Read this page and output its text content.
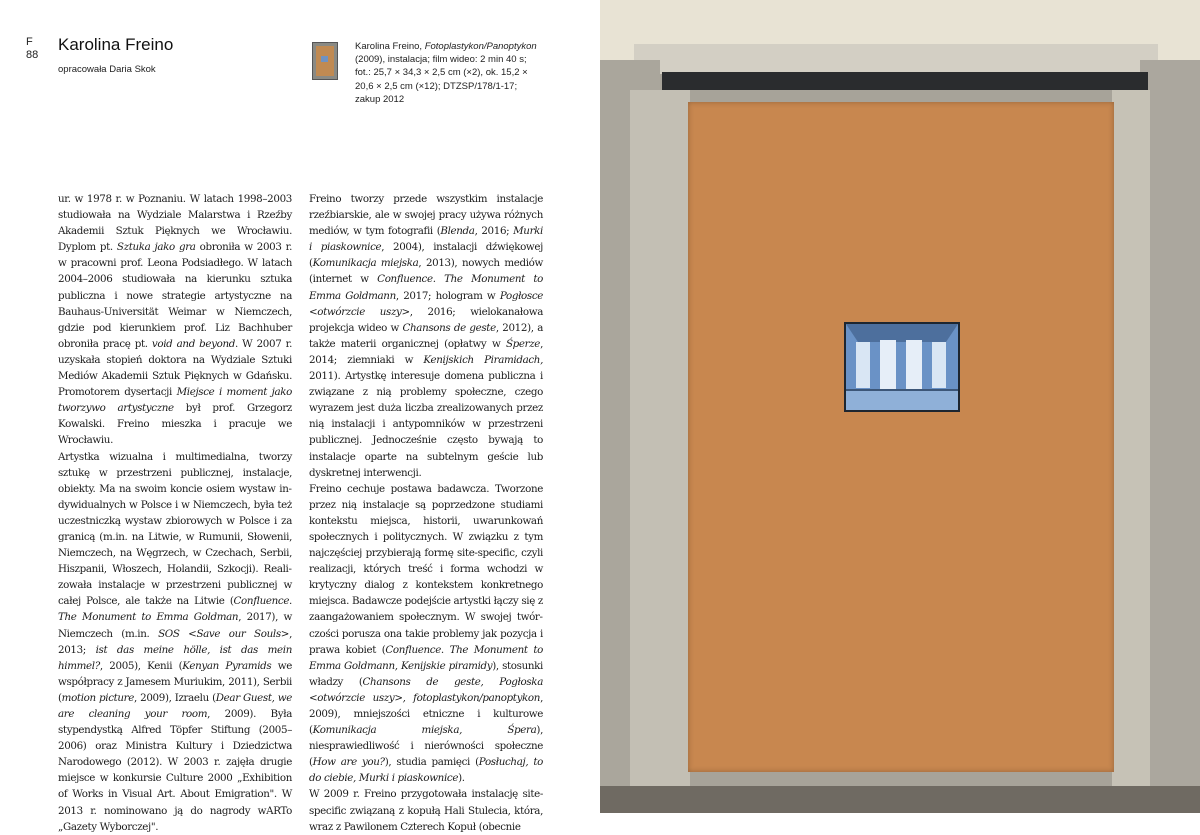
F
88
Karolina Freino
opracowała Daria Skok
Karolina Freino, Fotoplastykon/Panoptykon (2009), instalacja; film wideo: 2 min 40 s; fot.: 25,7 × 34,3 × 2,5 cm (×2), ok. 15,2 × 20,6 × 2,5 cm (×12); DTZSP/178/1-17; zakup 2012

ur. w 1978 r. w Poznaniu. W latach 1998–2003 studiowała na Wydziale Malarstwa i Rzeźby Akademii Sztuk Pięknych we Wrocławiu. Dyplom pt. Sztuka jako gra obroniła w 2003 r. w pracowni prof. Leona Podsiadłego. W latach 2004–2006 studiowała na kierunku sztuka publiczna i nowe strategie artystyczne na Bauhaus-Universität Weimar w Niemczech, gdzie pod kierunkiem prof. Liz Bachhuber obroniła pracę pt. void and beyond. W 2007 r. uzyskała stopień doktora na Wydziale Sztuki Mediów Akademii Sztuk Pięknych w Gdańsku. Promotorem dysertacji Miejsce i moment jako tworzywo artystyczne był prof. Grzegorz Kowalski. Freino mieszka i pracuje we Wrocławiu.

Artystka wizualna i multimedialna, tworzy sztukę w przestrzeni publicznej, instalacje, obiekty. Ma na swoim koncie osiem wystaw indywidualnych w Polsce i w Niemczech, była też uczestniczką wystaw zbiorowych w Polsce i za granicą (m.in. na Litwie, w Rumunii, Słowenii, Niemczech, na Węgrzech, w Czechach, Serbii, Hiszpanii, Włoszech, Holandii, Szkocji). Realizowała instalacje w przestrzeni publicznej w całej Polsce, ale także na Litwie (Confluence. The Monument to Emma Goldman, 2017), w Niemczech (m.in. SOS <Save our Souls>, 2013; ist das meine hölle, ist das mein himmel?, 2005), Kenii (Kenyan Pyramids we współpracy z Jamesem Muriukim, 2011), Serbii (motion picture, 2009), Izraelu (Dear Guest, we are cleaning your room, 2009). Była stypendystką Alfred Töpfer Stiftung (2005–2006) oraz Ministra Kultury i Dziedzictwa Narodowego (2012). W 2003 r. zajęła drugie miejsce w konkursie Culture 2000 „Exhibition of Works in Visual Art. About Emigration". W 2013 r. nominowano ją do nagrody wARTo „Gazety Wyborczej".

Freino tworzy przede wszystkim instalacje rzeźbiarskie, ale w swojej pracy używa różnych mediów, w tym fotografii (Blenda, 2016; Murki i piaskownice, 2004), instalacji dźwiękowej (Komunikacja miejska, 2013), nowych mediów (internet w Confluence. The Monument to Emma Goldmann, 2017; hologram w Pogłosce <otwórzcie uszy>, 2016; wielokanałowa projekcja wideo w Chansons de geste, 2012), a także materii organicznej (opłatwy w Śperze, 2014; ziemniaki w Kenijskich Piramidach, 2011). Artystkę interesuje domena publiczna i związane z nią problemy społeczne, czego wyrazem jest duża liczba zrealizowanych przez nią instalacji i antypomników w przestrzeni publicznej. Jednocześnie często bywają to instalacje oparte na subtelnym geście lub dyskretnej interwencji.

Freino cechuje postawa badawcza. Tworzone przez nią instalacje są poprzedzone studiami kontekstu miejsca, historii, uwarunkowań społecznych i politycznych. W związku z tym najczęściej przybierają formę site-specific, czyli realizacji, których treść i forma wchodzi w krytyczny dialog z kontekstem konkretnego miejsca. Badawcze podejście artystki łączy się z zaangażowaniem społecznym. W swojej twórczości porusza ona takie problemy jak pozycja i prawa kobiet (Confluence. The Monument to Emma Goldmann, Kenijskie piramidy), stosunki władzy (Chansons de geste, Pogłoska <otwórzcie uszy>, fotoplastykon/panoptykon, 2009), mniejszości etniczne i kulturowe (Komunikacja miejska, Śpera), niesprawiedliwość i nierówności społeczne (How are you?), studia pamięci (Posłuchaj, to do ciebie, Murki i piaskownice).

W 2009 r. Freino przygotowała instalację site-specific związaną z kopułą Hali Stulecia, która, wraz z Pawilonem Czterech Kopuł (obecnie
